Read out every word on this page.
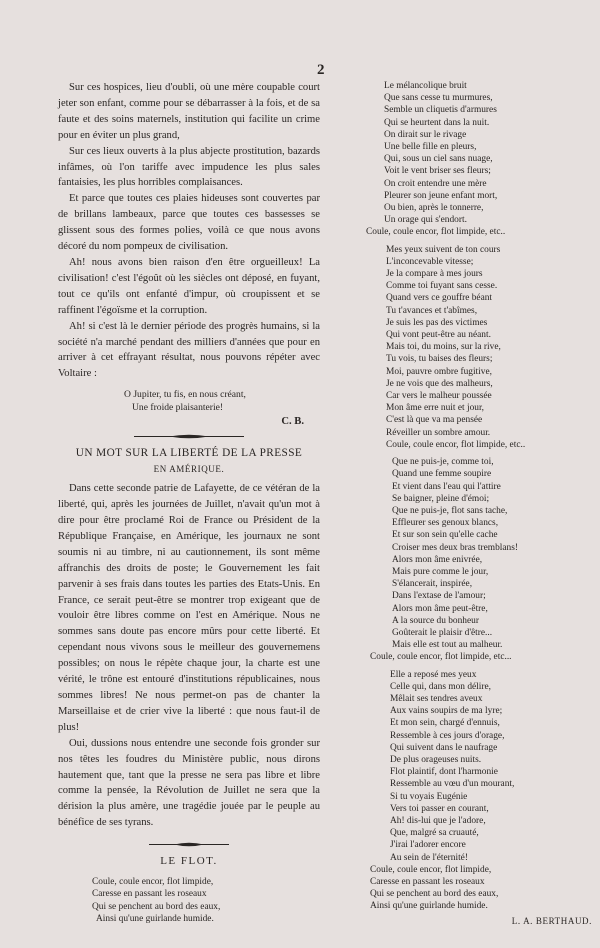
2

Sur ces hospices, lieu d'oubli, où une mère coupable court jeter son enfant, comme pour se débarrasser à la fois, et de sa faute et des soins maternels, institution qui facilite un crime pour en éviter un plus grand,

Sur ces lieux ouverts à la plus abjecte prostitution, bazards infâmes, où l'on tariffe avec impudence les plus sales fantaisies, les plus horribles complaisances.

Et parce que toutes ces plaies hideuses sont couvertes par de brillans lambeaux, parce que toutes ces bassesses se glissent sous des formes polies, voilà ce que nous avons décoré du nom pompeux de civilisation.

Ah! nous avons bien raison d'en être orgueilleux! La civilisation! c'est l'égoût où les siècles ont déposé, en fuyant, tout ce qu'ils ont enfanté d'impur, où croupissent et se raffinent l'égoïsme et la corruption.

Ah! si c'est là le dernier période des progrès humains, si la société n'a marché pendant des milliers d'années que pour en arriver à cet effrayant résultat, nous pouvons répéter avec Voltaire :

O Jupiter, tu fis, en nous créant,
Une froide plaisanterie!
C. B.
UN MOT SUR LA LIBERTÉ DE LA PRESSE
EN AMÉRIQUE.

Dans cette seconde patrie de Lafayette, de ce vétéran de la liberté, qui, après les journées de Juillet, n'avait qu'un mot à dire pour être proclamé Roi de France ou Président de la République Française, en Amérique, les journaux ne sont soumis ni au timbre, ni au cautionnement, ils sont même affranchis des droits de poste; le Gouvernement les fait parvenir à ses frais dans toutes les parties des Etats-Unis. En France, ce serait peut-être se montrer trop exigeant que de vouloir être libres comme on l'est en Amérique. Nous ne sommes sans doute pas encore mûrs pour cette liberté. Et cependant nous vivons sous le meilleur des gouvernemens possibles; on nous le répète chaque jour, la charte est une vérité, le trône est entouré d'institutions républicaines, nous sommes libres! Ne nous permet-on pas de chanter la Marseillaise et de crier vive la liberté : que nous faut-il de plus!

Oui, dussions nous entendre une seconde fois gronder sur nos têtes les foudres du Ministère public, nous dirons hautement que, tant que la presse ne sera pas libre et libre comme la pensée, la Révolution de Juillet ne sera que la dérision la plus amère, une tragédie jouée par le peuple au bénéfice de ses tyrans.

LE FLOT.
Coule, coule encor, flot limpide,
Caresse en passant les roseaux
Qui se penchent au bord des eaux,
Ainsi qu'une guirlande humide.
Le mélancolique bruit
Que sans cesse tu murmures,
Semble un cliquetis d'armures
Qui se heurtent dans la nuit.
On dirait sur le rivage
Une belle fille en pleurs,
Qui, sous un ciel sans nuage,
Voit le vent briser ses fleurs;
On croit entendre une mère
Pleurer son jeune enfant mort,
Ou bien, après le tonnerre,
Un orage qui s'endort.
Coule, coule encor, flot limpide, etc..
Mes yeux suivent de ton cours
L'inconcevable vitesse;
Je la compare à mes jours
Comme toi fuyant sans cesse.
Quand vers ce gouffre béant
Tu t'avances et t'abîmes,
Je suis les pas des victimes
Qui vont peut-être au néant.
Mais toi, du moins, sur la rive,
Tu vois, tu baises des fleurs;
Moi, pauvre ombre fugitive,
Je ne vois que des malheurs,
Car vers le malheur poussée
Mon âme erre nuit et jour,
C'est là que va ma pensée
Réveiller un sombre amour.
Coule, coule encor, flot limpide, etc..
Que ne puis-je, comme toi,
Quand une femme soupire
Et vient dans l'eau qui l'attire
Se baigner, pleine d'émoi;
Que ne puis-je, flot sans tache,
Effleurer ses genoux blancs,
Et sur son sein qu'elle cache
Croiser mes deux bras tremblans!
Alors mon âme enivrée,
Mais pure comme le jour,
S'élancerait, inspirée,
Dans l'extase de l'amour;
Alors mon âme peut-être,
A la source du bonheur
Goûterait le plaisir d'être...
Mais elle est tout au malheur.
Coule, coule encor, flot limpide, etc...
Elle a reposé mes yeux
Celle qui, dans mon délire,
Mêlait ses tendres aveux
Aux vains soupirs de ma lyre;
Et mon sein, chargé d'ennuis,
Ressemble à ces jours d'orage,
Qui suivent dans le naufrage
De plus orageuses nuits.
Flot plaintif, dont l'harmonie
Ressemble au vœu d'un mourant,
Si tu voyais Eugénie
Vers toi passer en courant,
Ah! dis-lui que je l'adore,
Que, malgré sa cruauté,
J'irai l'adorer encore
Au sein de l'éternité!
Coule, coule encor, flot limpide,
Caresse en passant les roseaux
Qui se penchent au bord des eaux,
Ainsi qu'une guirlande humide.
L. A. BERTHAUD.
